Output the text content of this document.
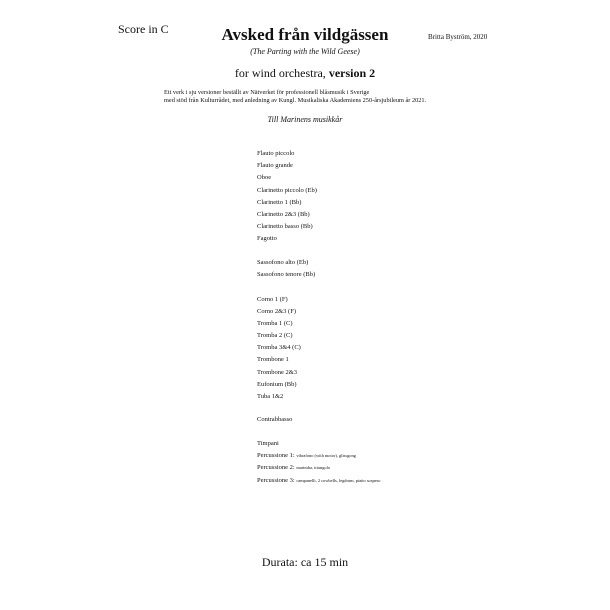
Score in C	Avsked från vildgässen	Britta Byström, 2020
(The Parting with the Wild Geese)
for wind orchestra, version 2
Ett verk i sju versioner beställt av Nätverket för professionell blåsmusik i Sverige
med stöd från Kulturrådet, med anledning av Kungl. Musikaliska Akademiens 250-årsjubileum år 2021.
Till Marinens musikkår
Flauto piccolo
Flauto grande
Oboe
Clarinetto piccolo (Eb)
Clarinetto 1 (Bb)
Clarinetto 2&3 (Bb)
Clarinetto basso (Bb)
Fagotto
Sassofono alto (Eb)
Sassofono tenore (Bb)
Corno 1 (F)
Corno 2&3 (F)
Tromba 1 (C)
Tromba 2 (C)
Tromba 3&4 (C)
Trombone 1
Trombone 2&3
Eufonium (Bb)
Tuba 1&2
Contrabbasso
Timpani
Percussione 1: vibrafono (with motor), glissgong
Percussione 2: marimba, triangolo
Percussione 3: campanelli, 2 cowbells, legdrum, piatto sospeso
Durata: ca 15 min
